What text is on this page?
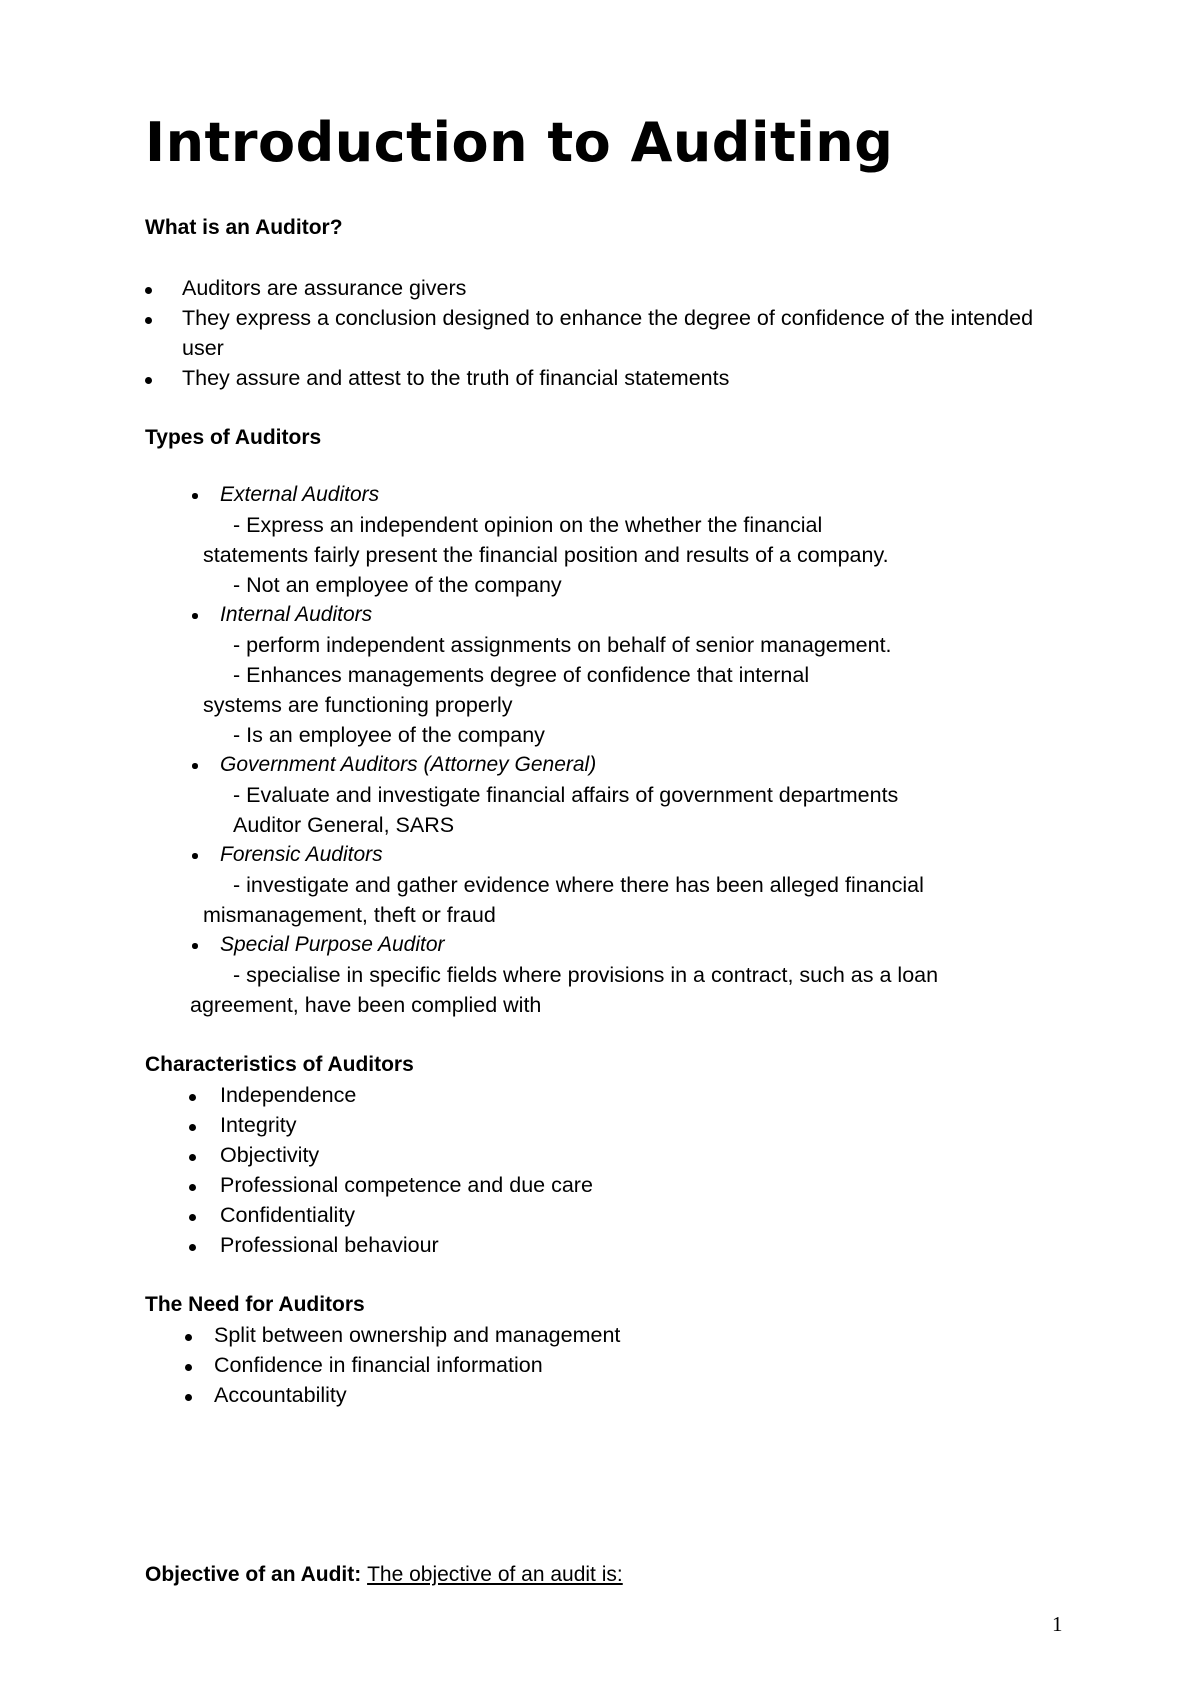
Introduction to Auditing
What is an Auditor?
Auditors are assurance givers
They express a conclusion designed to enhance the degree of confidence of the intended
user
They assure and attest to the truth of financial statements
Types of Auditors
External Auditors
- Express an independent opinion on the whether the financial
statements fairly present the financial position and results of a company.
- Not an employee of the company
Internal Auditors
- perform independent assignments on behalf of senior management.
- Enhances managements degree of confidence that internal
systems are functioning properly
- Is an employee of the company
Government Auditors (Attorney General)
- Evaluate and investigate financial affairs of government departments
Auditor General, SARS
Forensic Auditors
- investigate and gather evidence where there has been alleged financial
mismanagement, theft or fraud
Special Purpose Auditor
- specialise in specific fields where provisions in a contract, such as a loan
agreement, have been complied with
Characteristics of Auditors
Independence
Integrity
Objectivity
Professional competence and due care
Confidentiality
Professional behaviour
The Need for Auditors
Split between ownership and management
Confidence in financial information
Accountability
Objective of an Audit: The objective of an audit is:
1
